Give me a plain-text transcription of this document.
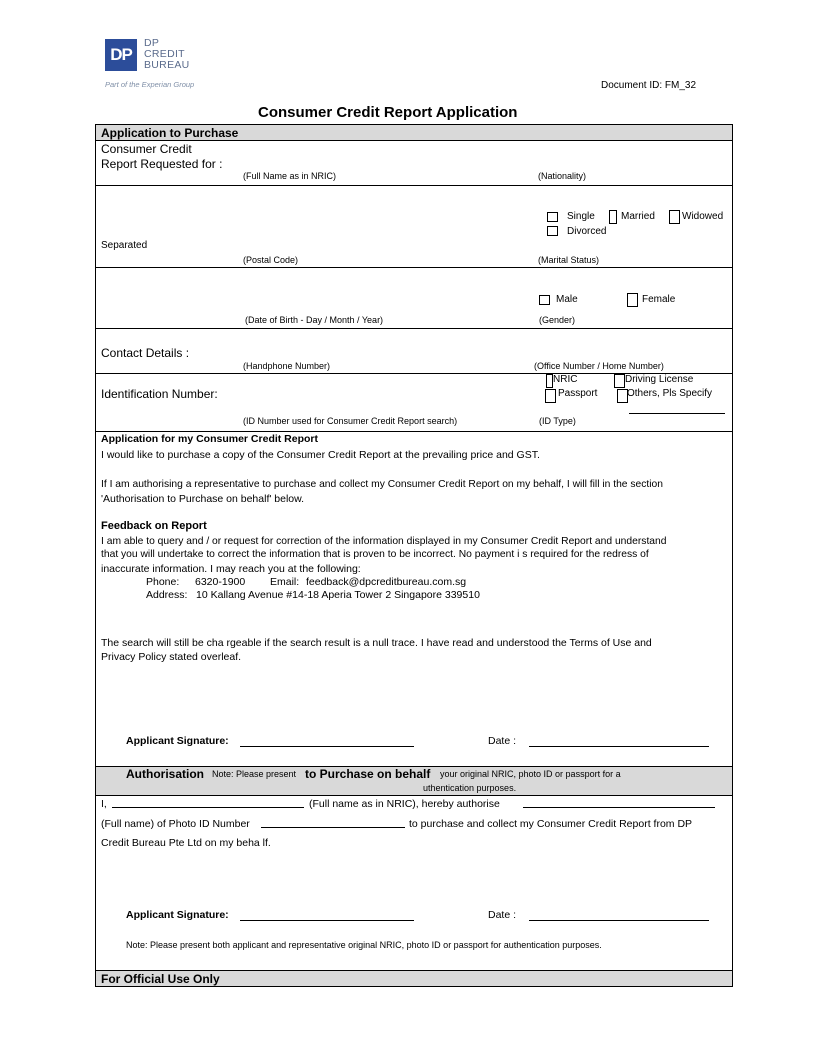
DP
DP
CREDIT
BUREAU
Part of the Experian Group	Document ID: FM_32
Consumer Credit Report Application
Application to Purchase
Consumer Credit
Report Requested for :
(Full Name as in NRIC)	(Nationality)
Single	Married	Widowed
Divorced
Separated
(Postal Code)	(Marital Status)
Male	Female
(Date of Birth - Day / Month / Year)	(Gender)
Contact Details :
(Handphone Number)	(Office Number / Home Number)
Identification Number:
NRIC	Driving License
Passport	Others, Pls Specify
(ID Number used for Consumer Credit Report search)	(ID Type)
Application for my Consumer Credit Report
I would like to purchase a copy of the Consumer Credit Report at the prevailing price and GST.
If I am authorising a representative to purchase and collect my Consumer Credit Report on my behalf, I will fill in the section
'Authorisation to Purchase on behalf' below.
Feedback on Report
I am able to query and / or request for correction of the information displayed in my Consumer Credit Report and understand
that you will undertake to correct the information that is proven to be incorrect. No payment i s required for the redress of
inaccurate information. I may reach you at the following:
Phone: 6320-1900 Email: feedback@dpcreditbureau.com.sg
Address: 10 Kallang Avenue #14-18 Aperia Tower 2 Singapore 339510
The search will still be cha rgeable if the search result is a null trace. I have read and understood the Terms of Use and
Privacy Policy stated overleaf.
Applicant Signature:	Date :
Authorisation Note: Please present to Purchase on behalf your original NRIC, photo ID or passport for a
uthentication purposes.
I,	(Full name as in NRIC), hereby authorise
(Full name) of Photo ID Number	to purchase and collect my Consumer Credit Report from DP
Credit Bureau Pte Ltd on my beha lf.
Applicant Signature:	Date :
Note: Please present both applicant and representative original NRIC, photo ID or passport for authentication purposes.
For Official Use Only
